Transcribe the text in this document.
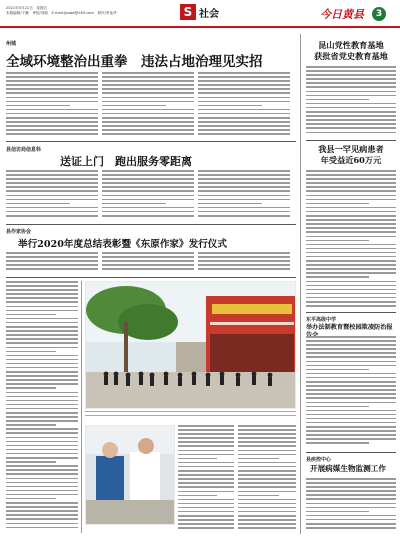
2021年5月21日　星期五
本版编辑/于鹏　审校/刘敏　E-mail:jjxsbd@163.com　制作/李连华	S 社会	今日黄县	3
州城
全域环境整治出重拳　违法占地治理见实招
县信访局信息科
送证上门　跑出服务零距离
县作家协会
举行2020年度总结表彰暨《东原作家》发行仪式
昆山党性教育基地
获批省党史教育基地
我县一罕见病患者
年受益近60万元
东平高级中学
举办法制教育暨校园欺凌防治报
县疾控中心
开展病媒生物监测工作
